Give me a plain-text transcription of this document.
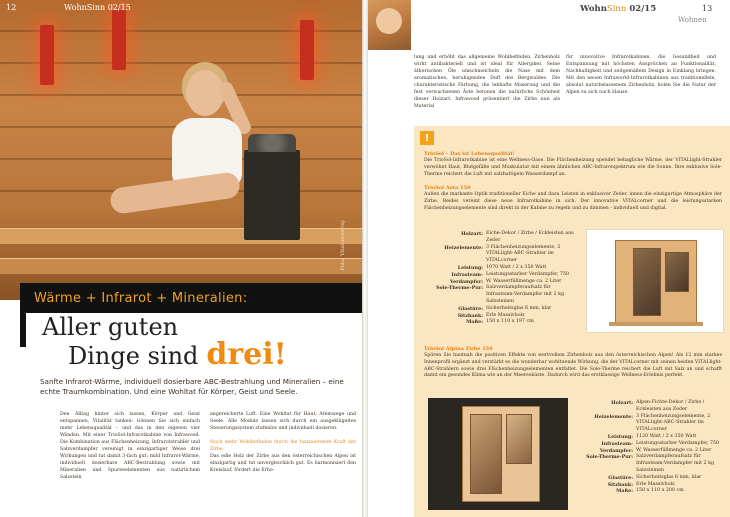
12	WohnSinn 02/15
Foto: Vitalcorner/xy
Wärme + Infrarot + Mineralien:
Aller guten
Dinge sind drei!

Sanfte Infrarot-Wärme, individuell dosierbare ABC-Bestrahlung und Mineralien – eine echte Traumkombination. Und eine Wohltat für Körper, Geist und Seele.

Den Alltag hinter sich lassen, Körper und Geist entspannen, Vitalität tanken: Gönnen Sie sich einfach mehr Lebensqualität – und das in den eigenen vier Wänden. Mit einer TrioSol-Infrarotkabine von Infrawood. Die Kombination aus Flächenheizung, Infrarotstrahler und Salzverdampfer vereinigt in einzigartiger Weise drei Wirkungen und tut damit 3-fach gut: mild Infrarot-Wärme, individuell dosierbare ABC-Bestrahlung sowie mit Mineralien und Spurenelementen aus natürlichem Salzstein

angereicherte Luft. Eine Wohltat für Haut, Atemwege und Seele. Alle Module lassen sich durch ein ausgeklügeltes Steuerungssystem stufenlos und individuell dosieren.

Noch mehr Wohlbefinden durch die faszinierende Kraft der Zirbe
Das edle Holz der Zirbe aus den österreichischen Alpen ist einzigartig und tut unvergleichlich gut. Es harmonisiert den Kreislauf, fördert die Erho-
WohnSinn 02/15	13
Wohnen

lung und erhöht das allgemeine Wohlbefinden. Zirbenholz wirkt antibakteriell und ist ideal für Allergiker. Seine ätherischen Öle umschmeicheln die Nase mit dem aromatischen, beruhigenden Duft des Bergwaldes. Die charakteristische Färbung, die lebhafte Maserung und die fest verwachsenen Äste betonen die natürliche Schönheit dieser Holzart. Infrawood präsentiert die Zirbe nun als Material

für innovative Infrarotkabinen, die Gesundheit und Entspannung mit höchsten Ansprüchen an Funktionalität, Nachhaltigkeit und zeitgemäßem Design in Einklang bringen. Mit den neuen Infraworld-Infrarotkabinen aus traditionellem, absolut naturbelassenem Zirbenholz, holen Sie die Natur der Alpen zu sich nach Hause.

!
TrioSol – Das ist Lebensqualität!

Die TrioSol-Infrarotkabine ist eine Wellness-Oase. Die Flächenheizung spendet behagliche Wärme, der VITALlight-Strahler verwöhnt Haut, Blutgefäße und Muskulatur mit einem ähnlichen ABC-Infrarotspektrum wie die Sonne. Ihre exklusive Sole-Therme reichert die Luft mit salzhaltigem Wasserdampf an.

TrioSol Aeta 150

Außen die markante Optik traditioneller Eiche und dazu Leisten in exklusiver Zeder, innen die einzigartige Atmosphäre der Zirbe. Beides vereint diese neue Infrarotkabine in sich. Der innovative VITALcorner und die leistungsstarken Flächenheizungselemente sind direkt in der Kabine zu regeln und zu dimmen - individuell und digital.

Holzart: Eiche-Dekor / Zirbe / Eckleisten aus Zeder
Heizelemente: 3 Flächenheizungselemente, 2 VITALlight-ABC-Strahler im VITALcorner
Leistung: 1070 Watt / 2 x 350 Watt
Infrasteam-Verdampfer:
Leistungsstarker Verdampfer, 750 W, Wasserfüllmenge ca. 2 Liter
Sole-Therme-Pur: Salzverdampferaufsatz für Infrasteam-Verdampfer mit 2 kg Salzsteinen
Glastüre: Sicherheitsglas 6 mm, klar
Sitzbank: Erle Massivholz
Maße: 150 x 110 x 197 cm
TrioSol Alpina Zirbe 150

Spüren Sie hautnah die positiven Effekte von wertvollem Zirbenholz aus den österreichischen Alpen! Als 12 mm starkes Innenprofil ergänzt und verstärkt es die wunderbar wohltuende Wirkung, die der VITALcorner mit seinen beiden VITALlight-ABC-Strahlern sowie drei Flächenheizungselementen entfaltet. Die Sole-Therme reichert die Luft mit Salz an und schafft damit ein gesundes Klima wie an der Meeresküste. Dadurch wird das erstklassige Wellness-Erlebnis perfekt.

Holzart: Alpen-Fichte-Dekor / Zirbe / Eckleisten aus Zeder
Heizelemente: 3 Flächenheizungselemente, 2 VITALlight-ABC-Strahler im VITALcorner
Leistung: 1120 Watt / 2 x 350 Watt
Infrasteam-Verdampfer:
Leistungsstarker Verdampfer, 750 W, Wasserfüllmenge ca. 2 Liter
Sole-Therme-Pur: Salzverdampferaufsatz für Infrasteam-Verdampfer mit 2 kg Salzsteinen
Glastüre: Sicherheitsglas 6 mm, klar
Sitzbank: Erle Massivholz
Maße: 150 x 110 x 200 cm
